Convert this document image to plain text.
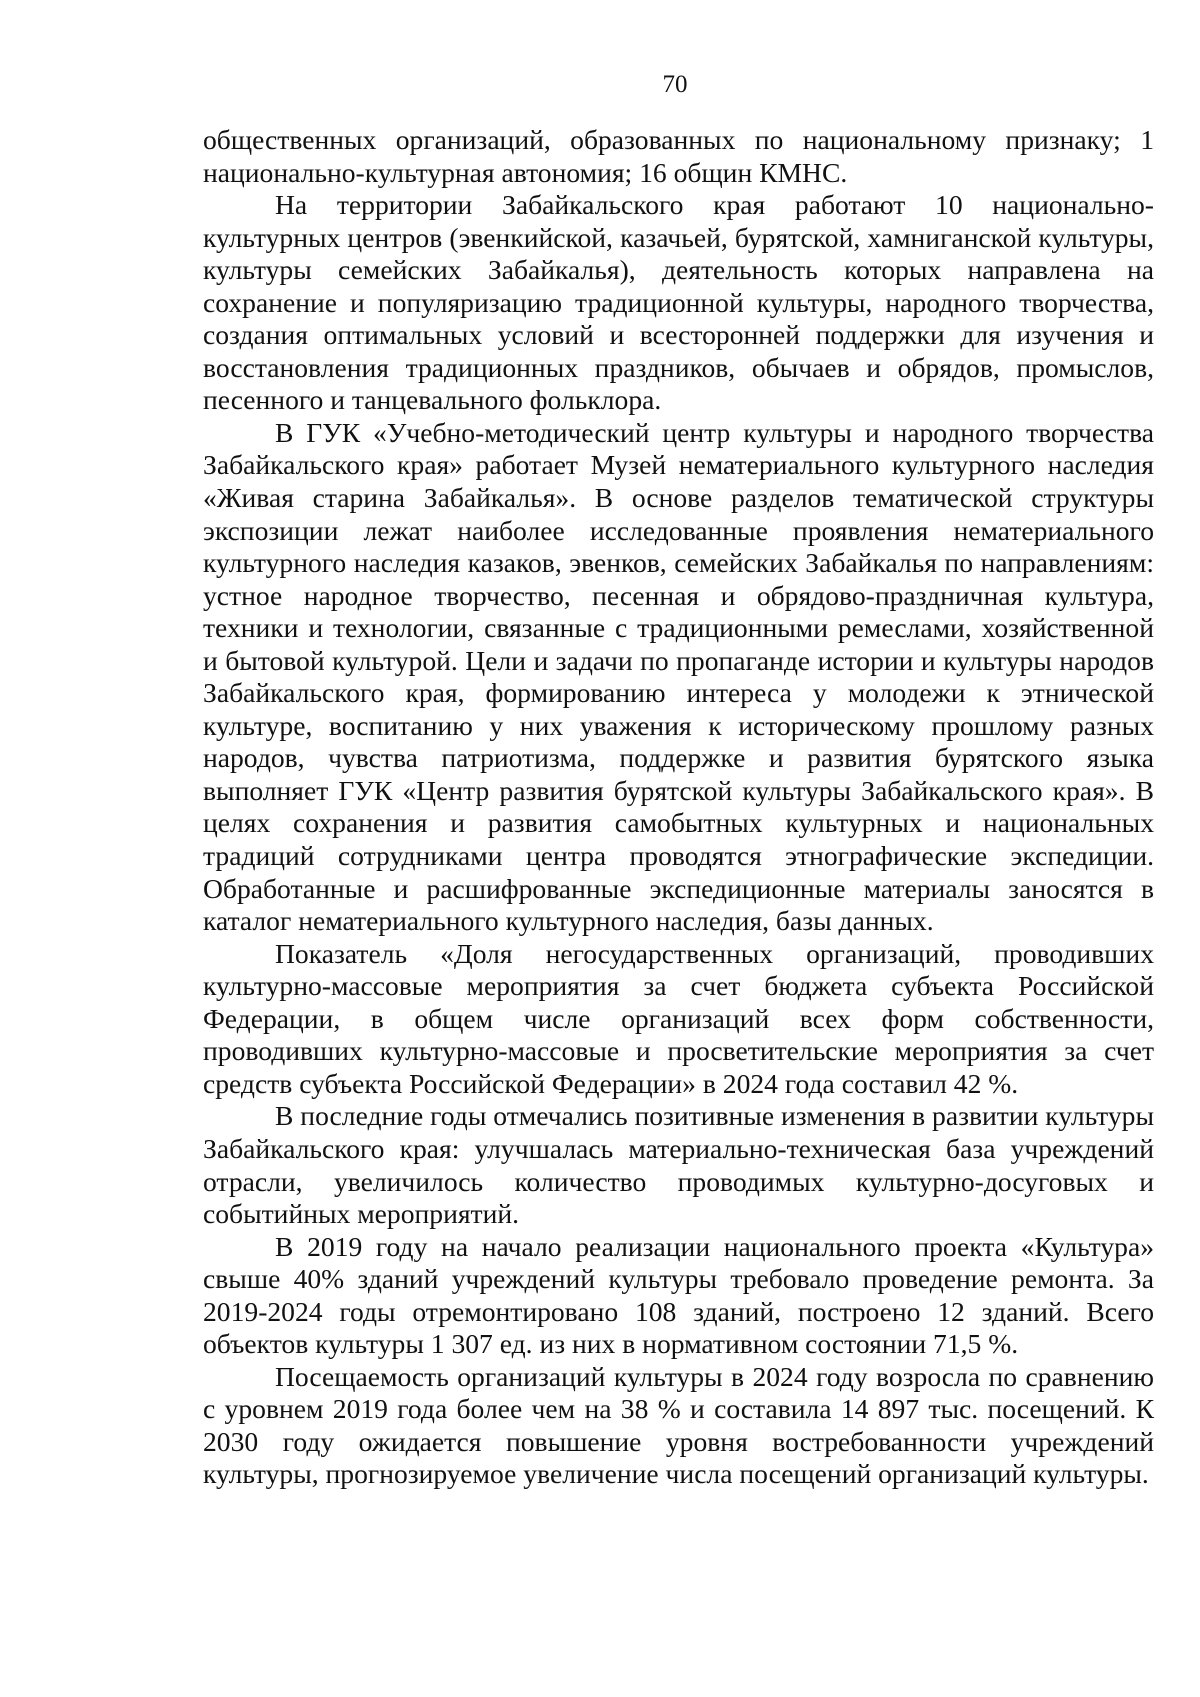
70

общественных организаций, образованных по национальному признаку; 1 национально-культурная автономия; 16 общин КМНС.

На территории Забайкальского края работают 10 национально-культурных центров (эвенкийской, казачьей, бурятской, хамниганской культуры, культуры семейских Забайкалья), деятельность которых направлена на сохранение и популяризацию традиционной культуры, народного творчества, создания оптимальных условий и всесторонней поддержки для изучения и восстановления традиционных праздников, обычаев и обрядов, промыслов, песенного и танцевального фольклора.

В ГУК «Учебно-методический центр культуры и народного творчества Забайкальского края» работает Музей нематериального культурного наследия «Живая старина Забайкалья». В основе разделов тематической структуры экспозиции лежат наиболее исследованные проявления нематериального культурного наследия казаков, эвенков, семейских Забайкалья по направлениям: устное народное творчество, песенная и обрядово-праздничная культура, техники и технологии, связанные с традиционными ремеслами, хозяйственной и бытовой культурой. Цели и задачи по пропаганде истории и культуры народов Забайкальского края, формированию интереса у молодежи к этнической культуре, воспитанию у них уважения к историческому прошлому разных народов, чувства патриотизма, поддержке и развития бурятского языка выполняет ГУК «Центр развития бурятской культуры Забайкальского края». В целях сохранения и развития самобытных культурных и национальных традиций сотрудниками центра проводятся этнографические экспедиции. Обработанные и расшифрованные экспедиционные материалы заносятся в каталог нематериального культурного наследия, базы данных.

Показатель «Доля негосударственных организаций, проводивших культурно-массовые мероприятия за счет бюджета субъекта Российской Федерации, в общем числе организаций всех форм собственности, проводивших культурно-массовые и просветительские мероприятия за счет средств субъекта Российской Федерации» в 2024 года составил 42 %.

В последние годы отмечались позитивные изменения в развитии культуры Забайкальского края: улучшалась материально-техническая база учреждений отрасли, увеличилось количество проводимых культурно-досуговых и событийных мероприятий.

В 2019 году на начало реализации национального проекта «Культура» свыше 40% зданий учреждений культуры требовало проведение ремонта. За 2019-2024 годы отремонтировано 108 зданий, построено 12 зданий. Всего объектов культуры 1 307 ед. из них в нормативном состоянии 71,5 %.

Посещаемость организаций культуры в 2024 году возросла по сравнению с уровнем 2019 года более чем на 38 % и составила 14 897 тыс. посещений. К 2030 году ожидается повышение уровня востребованности учреждений культуры, прогнозируемое увеличение числа посещений организаций культуры.
